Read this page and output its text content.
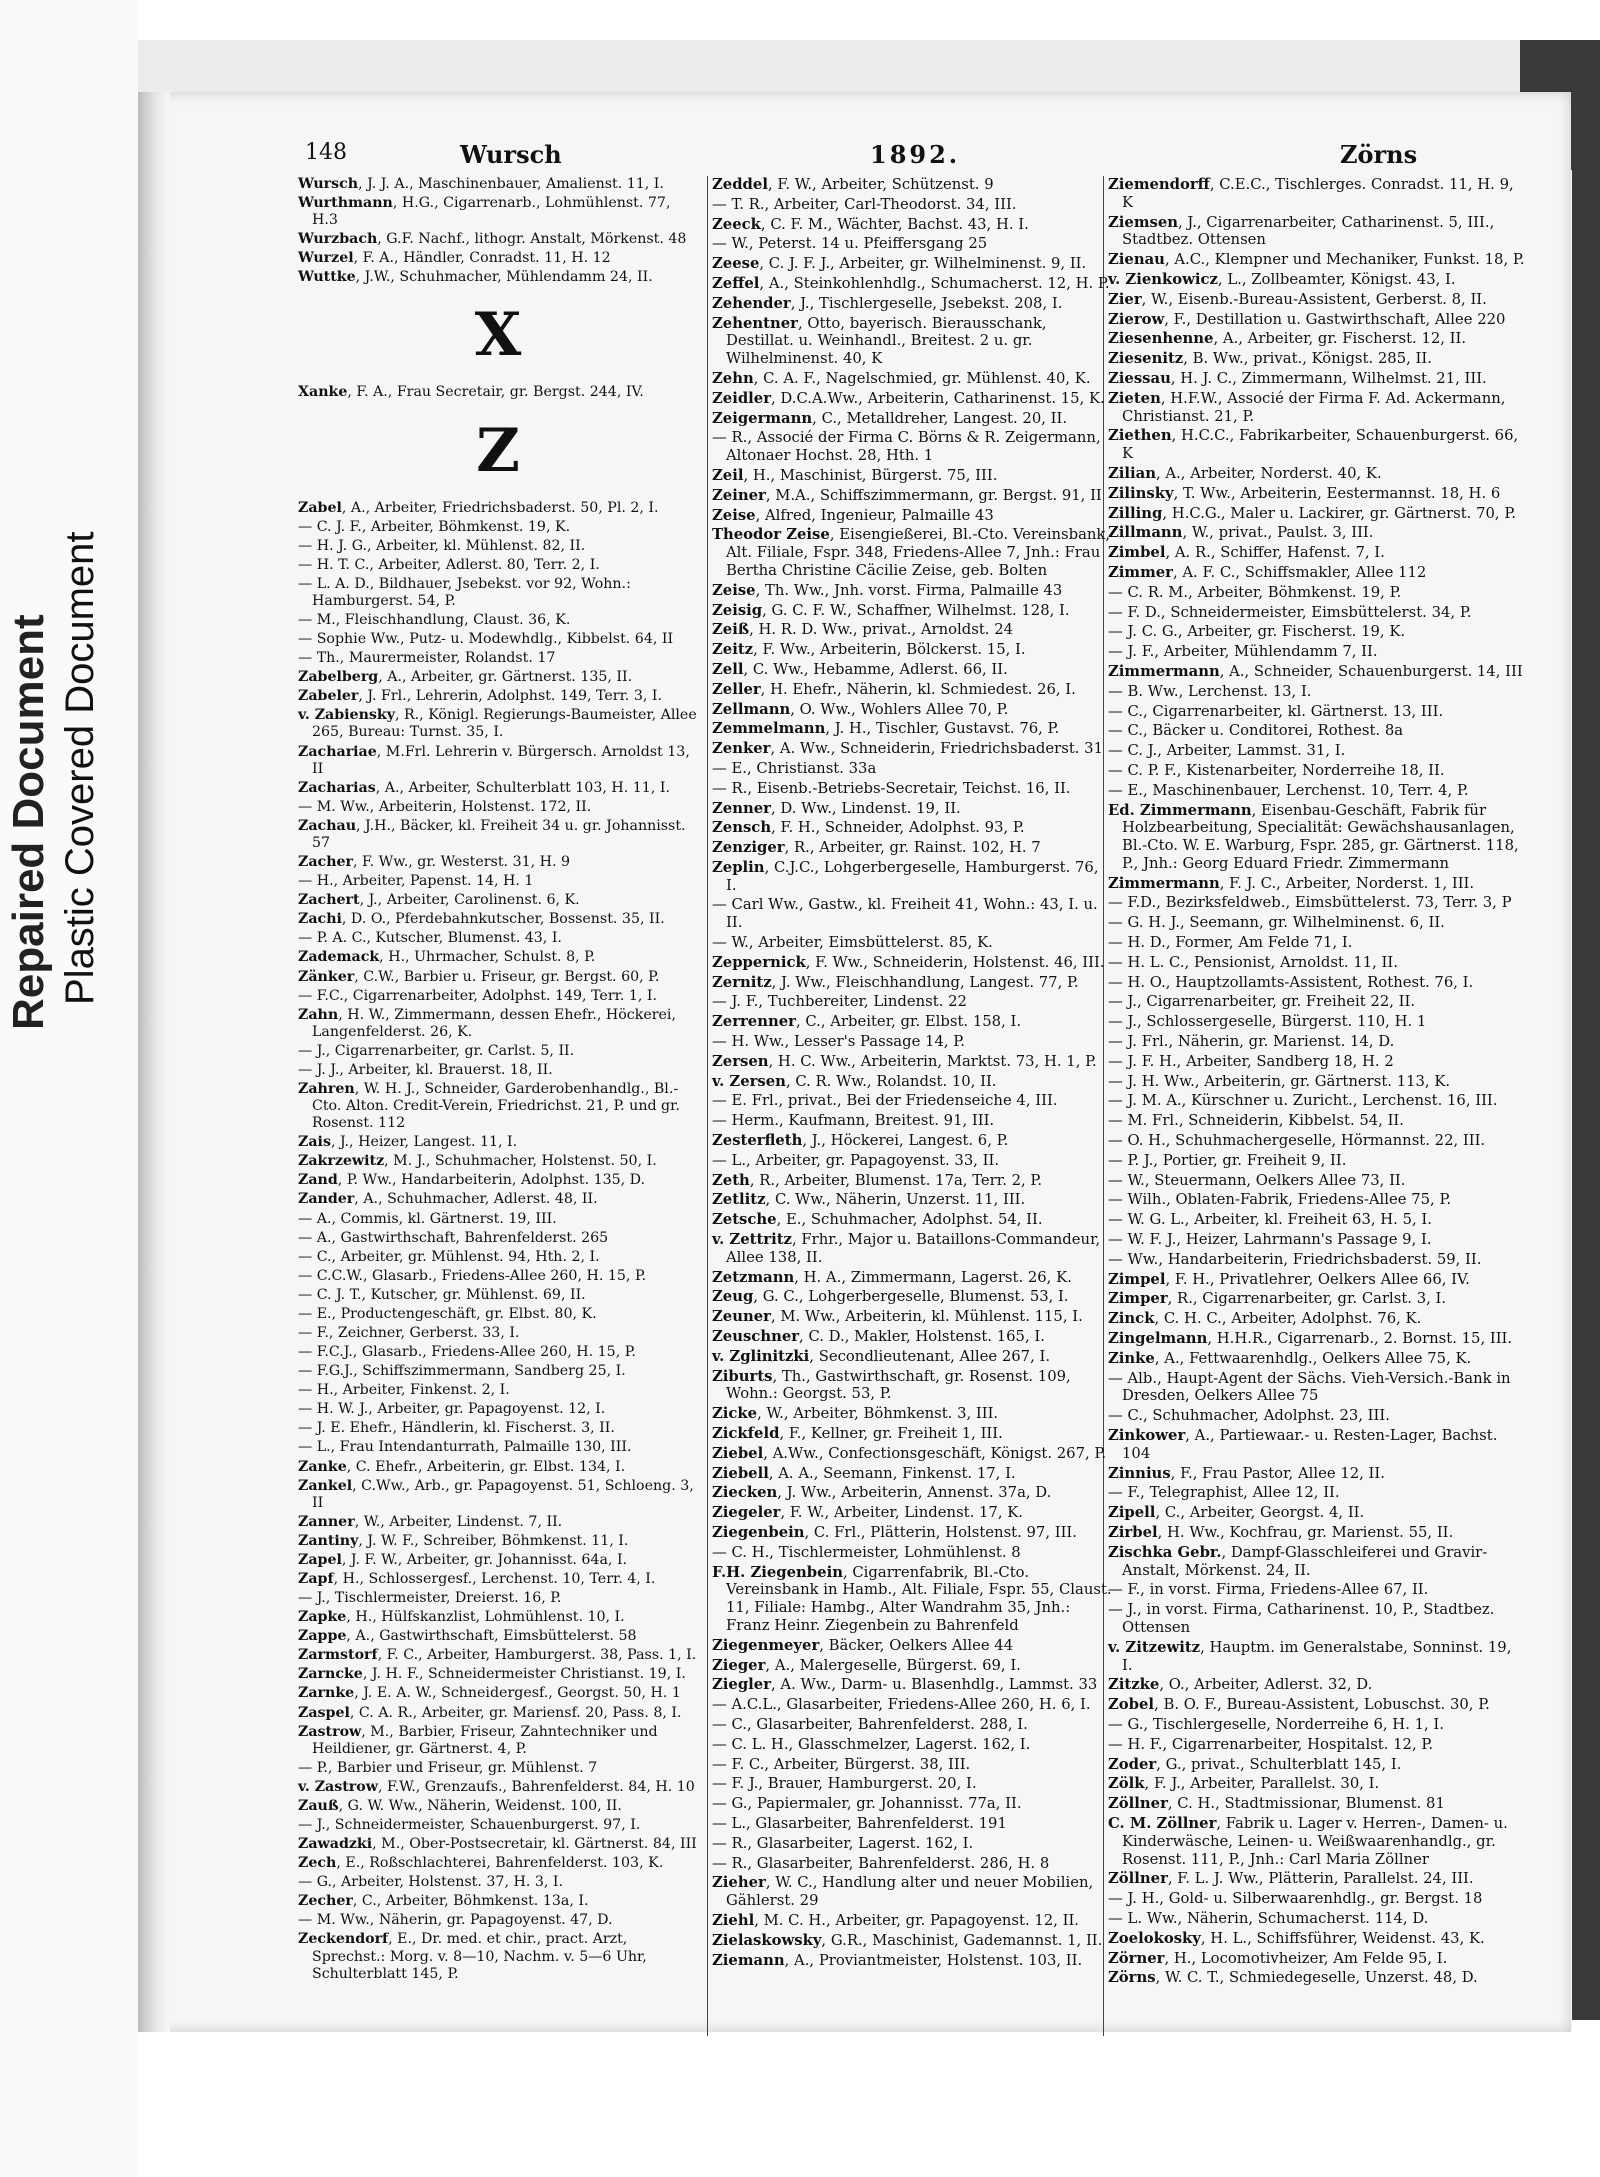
Repaired Document Plastic Covered Document
148	Wursch	1892.	Zörns
Wursch, J. J. A., Maschinenbauer, Amalienst. 11, I.
Wurthmann, H.G., Cigarrenarb., Lohmühlenst. 77, H.3
Wurzbach, G.F. Nachf., lithogr. Anstalt, Mörkenst. 48
Wurzel, F. A., Händler, Conradst. 11, H. 12
Wuttke, J.W., Schuhmacher, Mühlendamm 24, II.
X
Xanke, F. A., Frau Secretair, gr. Bergst. 244, IV.
Z
Zabel, A., Arbeiter, Friedrichsbaderst. 50, Pl. 2, I.
— C. J. F., Arbeiter, Böhmkenst. 19, K.
— H. J. G., Arbeiter, kl. Mühlenst. 82, II.
— H. T. C., Arbeiter, Adlerst. 80, Terr. 2, I.
— L. A. D., Bildhauer, Jsebekst. vor 92, Wohn.: Hamburgerst. 54, P.
— M., Fleischhandlung, Claust. 36, K.
— Sophie Ww., Putz- u. Modewhdlg., Kibbelst. 64, II
— Th., Maurermeister, Rolandst. 17
Zabelberg, A., Arbeiter, gr. Gärtnerst. 135, II.
Zabeler, J. Frl., Lehrerin, Adolphst. 149, Terr. 3, I.
v. Zabiensky, R., Königl. Regierungs-Baumeister, Allee 265, Bureau: Turnst. 35, I.
Zachariae, M.Frl. Lehrerin v. Bürgersch. Arnoldst 13, II
Zacharias, A., Arbeiter, Schulterblatt 103, H. 11, I.
— M. Ww., Arbeiterin, Holstenst. 172, II.
Zachau, J.H., Bäcker, kl. Freiheit 34 u. gr. Johannisst. 57
Zacher, F. Ww., gr. Westerst. 31, H. 9
— H., Arbeiter, Papenst. 14, H. 1
Zachert, J., Arbeiter, Carolinenst. 6, K.
Zachi, D. O., Pferdebahnkutscher, Bossenst. 35, II.
— P. A. C., Kutscher, Blumenst. 43, I.
Zademack, H., Uhrmacher, Schulst. 8, P.
Zänker, C.W., Barbier u. Friseur, gr. Bergst. 60, P.
— F.C., Cigarrenarbeiter, Adolphst. 149, Terr. 1, I.
Zahn, H. W., Zimmermann, dessen Ehefr., Höckerei, Langenfelderst. 26, K.
— J., Cigarrenarbeiter, gr. Carlst. 5, II.
— J. J., Arbeiter, kl. Brauerst. 18, II.
Zahren, W. H. J., Schneider, Garderobenhandlg., Bl.-Cto. Alton. Credit-Verein, Friedrichst. 21, P. und gr. Rosenst. 112
Zais, J., Heizer, Langest. 11, I.
Zakrzewitz, M. J., Schuhmacher, Holstenst. 50, I.
Zand, P. Ww., Handarbeiterin, Adolphst. 135, D.
Zander, A., Schuhmacher, Adlerst. 48, II.
— A., Commis, kl. Gärtnerst. 19, III.
— A., Gastwirthschaft, Bahrenfelderst. 265
— C., Arbeiter, gr. Mühlenst. 94, Hth. 2, I.
— C.C.W., Glasarb., Friedens-Allee 260, H. 15, P.
— C. J. T., Kutscher, gr. Mühlenst. 69, II.
— E., Productengeschäft, gr. Elbst. 80, K.
— F., Zeichner, Gerberst. 33, I.
— F.C.J., Glasarb., Friedens-Allee 260, H. 15, P.
— F.G.J., Schiffszimmermann, Sandberg 25, I.
— H., Arbeiter, Finkenst. 2, I.
— H. W. J., Arbeiter, gr. Papagoyenst. 12, I.
— J. E. Ehefr., Händlerin, kl. Fischerst. 3, II.
— L., Frau Intendanturrath, Palmaille 130, III.
Zanke, C. Ehefr., Arbeiterin, gr. Elbst. 134, I.
Zankel, C.Ww., Arb., gr. Papagoyenst. 51, Schloeng. 3, II
Zanner, W., Arbeiter, Lindenst. 7, II.
Zantiny, J. W. F., Schreiber, Böhmkenst. 11, I.
Zapel, J. F. W., Arbeiter, gr. Johannisst. 64a, I.
Zapf, H., Schlossergesf., Lerchenst. 10, Terr. 4, I.
— J., Tischlermeister, Dreierst. 16, P.
Zapke, H., Hülfskanzlist, Lohmühlenst. 10, I.
Zappe, A., Gastwirthschaft, Eimsbüttelerst. 58
Zarmstorf, F. C., Arbeiter, Hamburgerst. 38, Pass. 1, I.
Zarncke, J. H. F., Schneidermeister Christianst. 19, I.
Zarnke, J. E. A. W., Schneidergesf., Georgst. 50, H. 1
Zaspel, C. A. R., Arbeiter, gr. Mariensf. 20, Pass. 8, I.
Zastrow, M., Barbier, Friseur, Zahntechniker und Heildiener, gr. Gärtnerst. 4, P.
— P., Barbier und Friseur, gr. Mühlenst. 7
v. Zastrow, F.W., Grenzaufs., Bahrenfelderst. 84, H. 10
Zauß, G. W. Ww., Näherin, Weidenst. 100, II.
— J., Schneidermeister, Schauenburgerst. 97, I.
Zawadzki, M., Ober-Postsecretair, kl. Gärtnerst. 84, III
Zech, E., Roßschlachterei, Bahrenfelderst. 103, K.
— G., Arbeiter, Holstenst. 37, H. 3, I.
Zecher, C., Arbeiter, Böhmkenst. 13a, I.
— M. Ww., Näherin, gr. Papagoyenst. 47, D.
Zeckendorf, E., Dr. med. et chir., pract. Arzt, Sprechst.: Morg. v. 8—10, Nachm. v. 5—6 Uhr, Schulterblatt 145, P.
Zeddel, F. W., Arbeiter, Schützenst. 9
— T. R., Arbeiter, Carl-Theodorst. 34, III.
Zeeck, C. F. M., Wächter, Bachst. 43, H. I.
— W., Peterst. 14 u. Pfeiffersgang 25
Zeese, C. J. F. J., Arbeiter, gr. Wilhelminenst. 9, II.
Zeffel, A., Steinkohlenhdlg., Schumacherst. 12, H. P.
Zehender, J., Tischlergeselle, Jsebekst. 208, I.
Zehentner, Otto, bayerisch. Bierausschank, Destillat. u. Weinhandl., Breitest. 2 u. gr. Wilhelminenst. 40, K
Zehn, C. A. F., Nagelschmied, gr. Mühlenst. 40, K.
Zeidler, D.C.A.Ww., Arbeiterin, Catharinenst. 15, K.
Zeigermann, C., Metalldreher, Langest. 20, II.
— R., Associé der Firma C. Börns & R. Zeigermann, Altonaer Hochst. 28, Hth. 1
Zeil, H., Maschinist, Bürgerst. 75, III.
Zeiner, M.A., Schiffszimmermann, gr. Bergst. 91, II
Zeise, Alfred, Ingenieur, Palmaille 43
Theodor Zeise, Eisengießerei, Bl.-Cto. Vereinsbank, Alt. Filiale, Fspr. 348, Friedens-Allee 7, Jnh.: Frau Bertha Christine Cäcilie Zeise, geb. Bolten
Zeise, Th. Ww., Jnh. vorst. Firma, Palmaille 43
Zeisig, G. C. F. W., Schaffner, Wilhelmst. 128, I.
Zeiß, H. R. D. Ww., privat., Arnoldst. 24
Zeitz, F. Ww., Arbeiterin, Bölckerst. 15, I.
Zell, C. Ww., Hebamme, Adlerst. 66, II.
Zeller, H. Ehefr., Näherin, kl. Schmiedest. 26, I.
Zellmann, O. Ww., Wohlers Allee 70, P.
Zemmelmann, J. H., Tischler, Gustavst. 76, P.
Zenker, A. Ww., Schneiderin, Friedrichsbaderst. 31
— E., Christianst. 33a
— R., Eisenb.-Betriebs-Secretair, Teichst. 16, II.
Zenner, D. Ww., Lindenst. 19, II.
Zensch, F. H., Schneider, Adolphst. 93, P.
Zenziger, R., Arbeiter, gr. Rainst. 102, H. 7
Zeplin, C.J.C., Lohgerbergeselle, Hamburgerst. 76, I.
— Carl Ww., Gastw., kl. Freiheit 41, Wohn.: 43, I. u. II.
— W., Arbeiter, Eimsbüttelerst. 85, K.
Zeppernick, F. Ww., Schneiderin, Holstenst. 46, III.
Zernitz, J. Ww., Fleischhandlung, Langest. 77, P.
— J. F., Tuchbereiter, Lindenst. 22
Zerrenner, C., Arbeiter, gr. Elbst. 158, I.
— H. Ww., Lesser's Passage 14, P.
Zersen, H. C. Ww., Arbeiterin, Marktst. 73, H. 1, P.
v. Zersen, C. R. Ww., Rolandst. 10, II.
— E. Frl., privat., Bei der Friedenseiche 4, III.
— Herm., Kaufmann, Breitest. 91, III.
Zesterfleth, J., Höckerei, Langest. 6, P.
— L., Arbeiter, gr. Papagoyenst. 33, II.
Zeth, R., Arbeiter, Blumenst. 17a, Terr. 2, P.
Zetlitz, C. Ww., Näherin, Unzerst. 11, III.
Zetsche, E., Schuhmacher, Adolphst. 54, II.
v. Zettritz, Frhr., Major u. Bataillons-Commandeur, Allee 138, II.
Zetzmann, H. A., Zimmermann, Lagerst. 26, K.
Zeug, G. C., Lohgerbergeselle, Blumenst. 53, I.
Zeuner, M. Ww., Arbeiterin, kl. Mühlenst. 115, I.
Zeuschner, C. D., Makler, Holstenst. 165, I.
v. Zglinitzki, Secondlieutenant, Allee 267, I.
Ziburts, Th., Gastwirthschaft, gr. Rosenst. 109, Wohn.: Georgst. 53, P.
Zicke, W., Arbeiter, Böhmkenst. 3, III.
Zickfeld, F., Kellner, gr. Freiheit 1, III.
Ziebel, A.Ww., Confectionsgeschäft, Königst. 267, P.
Ziebell, A. A., Seemann, Finkenst. 17, I.
Ziecken, J. Ww., Arbeiterin, Annenst. 37a, D.
Ziegeler, F. W., Arbeiter, Lindenst. 17, K.
Ziegenbein, C. Frl., Plätterin, Holstenst. 97, III.
— C. H., Tischlermeister, Lohmühlenst. 8
F.H. Ziegenbein, Cigarrenfabrik, Bl.-Cto. Vereinsbank in Hamb., Alt. Filiale, Fspr. 55, Claust. 11, Filiale: Hambg., Alter Wandrahm 35, Jnh.: Franz Heinr. Ziegenbein zu Bahrenfeld
Ziegenmeyer, Bäcker, Oelkers Allee 44
Zieger, A., Malergeselle, Bürgerst. 69, I.
Ziegler, A. Ww., Darm- u. Blasenhdlg., Lammst. 33
— A.C.L., Glasarbeiter, Friedens-Allee 260, H. 6, I.
— C., Glasarbeiter, Bahrenfelderst. 288, I.
— C. L. H., Glasschmelzer, Lagerst. 162, I.
— F. C., Arbeiter, Bürgerst. 38, III.
— F. J., Brauer, Hamburgerst. 20, I.
— G., Papiermaler, gr. Johannisst. 77a, II.
— L., Glasarbeiter, Bahrenfelderst. 191
— R., Glasarbeiter, Lagerst. 162, I.
— R., Glasarbeiter, Bahrenfelderst. 286, H. 8
Zieher, W. C., Handlung alter und neuer Mobilien, Gählerst. 29
Ziehl, M. C. H., Arbeiter, gr. Papagoyenst. 12, II.
Zielaskowsky, G.R., Maschinist, Gademannst. 1, II.
Ziemann, A., Proviantmeister, Holstenst. 103, II.
Ziemendorff, C.E.C., Tischlerges. Conradst. 11, H. 9, K
Ziemsen, J., Cigarrenarbeiter, Catharinenst. 5, III., Stadtbez. Ottensen
Zienau, A.C., Klempner und Mechaniker, Funkst. 18, P.
v. Zienkowicz, L., Zollbeamter, Königst. 43, I.
Zier, W., Eisenb.-Bureau-Assistent, Gerberst. 8, II.
Zierow, F., Destillation u. Gastwirthschaft, Allee 220
Ziesenhenne, A., Arbeiter, gr. Fischerst. 12, II.
Ziesenitz, B. Ww., privat., Königst. 285, II.
Ziessau, H. J. C., Zimmermann, Wilhelmst. 21, III.
Zieten, H.F.W., Associé der Firma F. Ad. Ackermann, Christianst. 21, P.
Ziethen, H.C.C., Fabrikarbeiter, Schauenburgerst. 66, K
Zilian, A., Arbeiter, Norderst. 40, K.
Zilinsky, T. Ww., Arbeiterin, Eestermannst. 18, H. 6
Zilling, H.C.G., Maler u. Lackirer, gr. Gärtnerst. 70, P.
Zillmann, W., privat., Paulst. 3, III.
Zimbel, A. R., Schiffer, Hafenst. 7, I.
Zimmer, A. F. C., Schiffsmakler, Allee 112
— C. R. M., Arbeiter, Böhmkenst. 19, P.
— F. D., Schneidermeister, Eimsbüttelerst. 34, P.
— J. C. G., Arbeiter, gr. Fischerst. 19, K.
— J. F., Arbeiter, Mühlendamm 7, II.
Zimmermann, A., Schneider, Schauenburgerst. 14, III
— B. Ww., Lerchenst. 13, I.
— C., Cigarrenarbeiter, kl. Gärtnerst. 13, III.
— C., Bäcker u. Conditorei, Rothest. 8a
— C. J., Arbeiter, Lammst. 31, I.
— C. P. F., Kistenarbeiter, Norderreihe 18, II.
— E., Maschinenbauer, Lerchenst. 10, Terr. 4, P.
Ed. Zimmermann, Eisenbau-Geschäft, Fabrik für Holzbearbeitung, Specialität: Gewächshausanlagen, Bl.-Cto. W. E. Warburg, Fspr. 285, gr. Gärtnerst. 118, P., Jnh.: Georg Eduard Friedr. Zimmermann
Zimmermann, F. J. C., Arbeiter, Norderst. 1, III.
— F.D., Bezirksfeldweb., Eimsbüttelerst. 73, Terr. 3, P
— G. H. J., Seemann, gr. Wilhelminenst. 6, II.
— H. D., Former, Am Felde 71, I.
— H. L. C., Pensionist, Arnoldst. 11, II.
— H. O., Hauptzollamts-Assistent, Rothest. 76, I.
— J., Cigarrenarbeiter, gr. Freiheit 22, II.
— J., Schlossergeselle, Bürgerst. 110, H. 1
— J. Frl., Näherin, gr. Marienst. 14, D.
— J. F. H., Arbeiter, Sandberg 18, H. 2
— J. H. Ww., Arbeiterin, gr. Gärtnerst. 113, K.
— J. M. A., Kürschner u. Zuricht., Lerchenst. 16, III.
— M. Frl., Schneiderin, Kibbelst. 54, II.
— O. H., Schuhmachergeselle, Hörmannst. 22, III.
— P. J., Portier, gr. Freiheit 9, II.
— W., Steuermann, Oelkers Allee 73, II.
— Wilh., Oblaten-Fabrik, Friedens-Allee 75, P.
— W. G. L., Arbeiter, kl. Freiheit 63, H. 5, I.
— W. F. J., Heizer, Lahrmann's Passage 9, I.
— Ww., Handarbeiterin, Friedrichsbaderst. 59, II.
Zimpel, F. H., Privatlehrer, Oelkers Allee 66, IV.
Zimper, R., Cigarrenarbeiter, gr. Carlst. 3, I.
Zinck, C. H. C., Arbeiter, Adolphst. 76, K.
Zingelmann, H.H.R., Cigarrenarb., 2. Bornst. 15, III.
Zinke, A., Fettwaarenhdlg., Oelkers Allee 75, K.
— Alb., Haupt-Agent der Sächs. Vieh-Versich.-Bank in Dresden, Oelkers Allee 75
— C., Schuhmacher, Adolphst. 23, III.
Zinkower, A., Partiewaar.- u. Resten-Lager, Bachst. 104
Zinnius, F., Frau Pastor, Allee 12, II.
— F., Telegraphist, Allee 12, II.
Zipell, C., Arbeiter, Georgst. 4, II.
Zirbel, H. Ww., Kochfrau, gr. Marienst. 55, II.
Zischka Gebr., Dampf-Glasschleiferei und Gravir-Anstalt, Mörkenst. 24, II.
— F., in vorst. Firma, Friedens-Allee 67, II.
— J., in vorst. Firma, Catharinenst. 10, P., Stadtbez. Ottensen
v. Zitzewitz, Hauptm. im Generalstabe, Sonninst. 19, I.
Zitzke, O., Arbeiter, Adlerst. 32, D.
Zobel, B. O. F., Bureau-Assistent, Lobuschst. 30, P.
— G., Tischlergeselle, Norderreihe 6, H. 1, I.
— H. F., Cigarrenarbeiter, Hospitalst. 12, P.
Zoder, G., privat., Schulterblatt 145, I.
Zölk, F. J., Arbeiter, Parallelst. 30, I.
Zöllner, C. H., Stadtmissionar, Blumenst. 81
C. M. Zöllner, Fabrik u. Lager v. Herren-, Damen- u. Kinderwäsche, Leinen- u. Weißwaarenhandlg., gr. Rosenst. 111, P., Jnh.: Carl Maria Zöllner
Zöllner, F. L. J. Ww., Plätterin, Parallelst. 24, III.
— J. H., Gold- u. Silberwaarenhdlg., gr. Bergst. 18
— L. Ww., Näherin, Schumacherst. 114, D.
Zoelokosky, H. L., Schiffsführer, Weidenst. 43, K.
Zörner, H., Locomotivheizer, Am Felde 95, I.
Zörns, W. C. T., Schmiedegeselle, Unzerst. 48, D.
